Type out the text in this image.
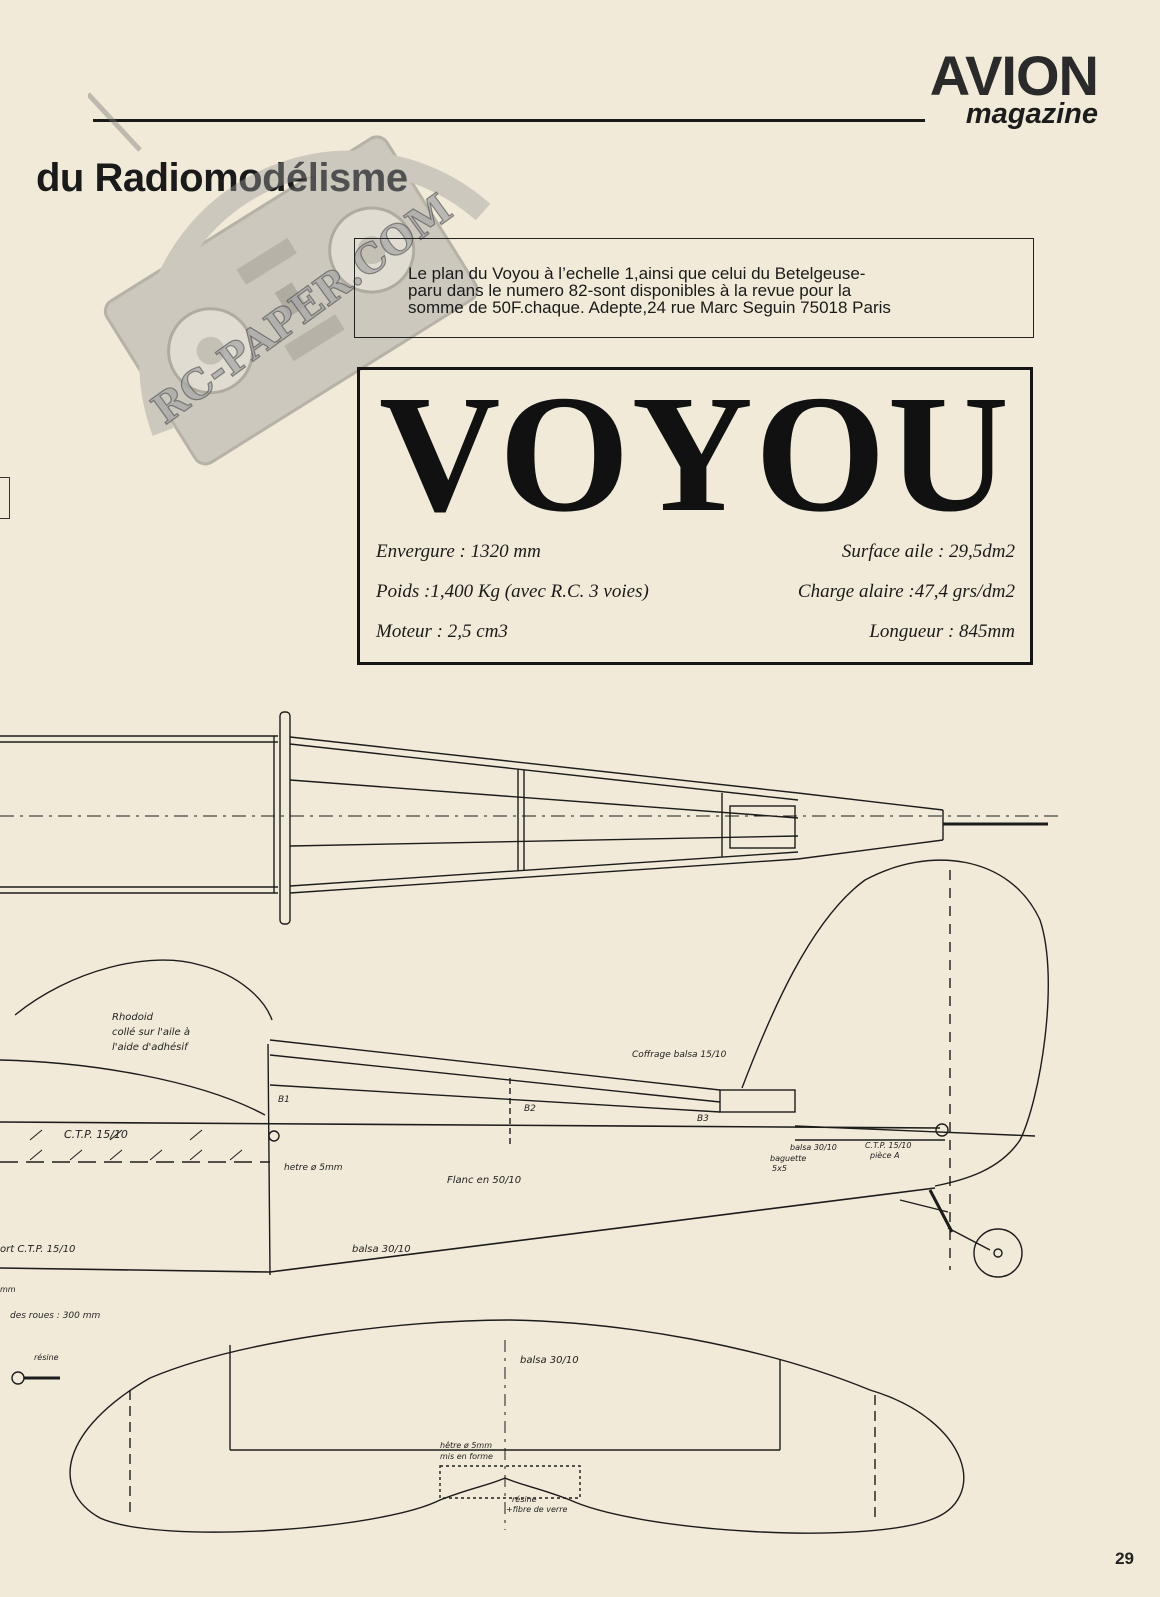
AVION
magazine
du Radiomodélisme
RC-PAPER.COM
Le plan du Voyou à l’echelle 1,ainsi que celui du Betelgeuse-
paru dans le numero 82-sont disponibles à la revue pour la
somme de 50F.chaque. Adepte,24 rue Marc Seguin 75018 Paris
VOYOU
Envergure : 1320 mm
Poids :1,400 Kg (avec R.C. 3 voies)
Moteur : 2,5 cm3
Surface aile : 29,5dm2
Charge alaire :47,4 grs/dm2
Longueur : 845mm
Rhodoid
collé sur l'aile à
l'aide d'adhésif
Coffrage balsa 15/10
B1
B2
B3
C.T.P. 15/10
hetre ø 5mm
Flanc en 50/10
balsa 30/10
balsa 30/10	C.T.P. 15/10
pièce A
baguette
5x5
ort C.T.P. 15/10
mm
des roues : 300 mm
résine	balsa 30/10
hêtre ø 5mm
mis en forme
résine
+fibre de verre
29
